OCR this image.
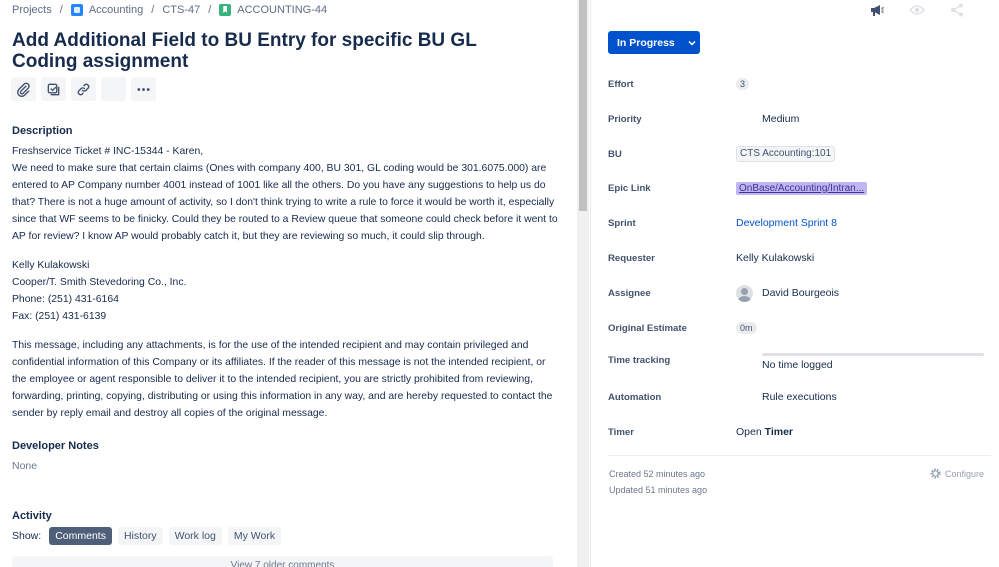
Projects / Accounting / CTS-47 / ACCOUNTING-44
Add Additional Field to BU Entry for specific BU GL Coding assignment
Description

Freshservice Ticket # INC-15344 - Karen,

We need to make sure that certain claims (Ones with company 400, BU 301, GL coding would be 301.6075.000) are entered to AP Company number 4001 instead of 1001 like all the others. Do you have any suggestions to help us do that? There is not a huge amount of activity, so I don't think trying to write a rule to force it would be worth it, especially since that WF seems to be finicky. Could they be routed to a Review queue that someone could check before it went to AP for review? I know AP would probably catch it, but they are reviewing so much, it could slip through.

Kelly Kulakowski
Cooper/T. Smith Stevedoring Co., Inc.
Phone: (251) 431-6164
Fax: (251) 431-6139

This message, including any attachments, is for the use of the intended recipient and may contain privileged and confidential information of this Company or its affiliates. If the reader of this message is not the intended recipient, or the employee or agent responsible to deliver it to the intended recipient, you are strictly prohibited from reviewing, forwarding, printing, copying, distributing or using this information in any way, and are hereby requested to contact the sender by reply email and destroy all copies of the original message.

Developer Notes
None
Activity
Show:	Comments	History	Work log	My Work
View 7 older comments
In Progress
Effort	3
Priority	Medium
BU	CTS Accounting:101
Epic Link	OnBase/Accounting/Intran...
Sprint	Development Sprint 8
Requester	Kelly Kulakowski
Assignee	David Bourgeois
Original Estimate	0m
Time tracking	No time logged
Automation	Rule executions
Timer	Open
Timer
Created 52 minutes ago
Updated 51 minutes ago
Configure
